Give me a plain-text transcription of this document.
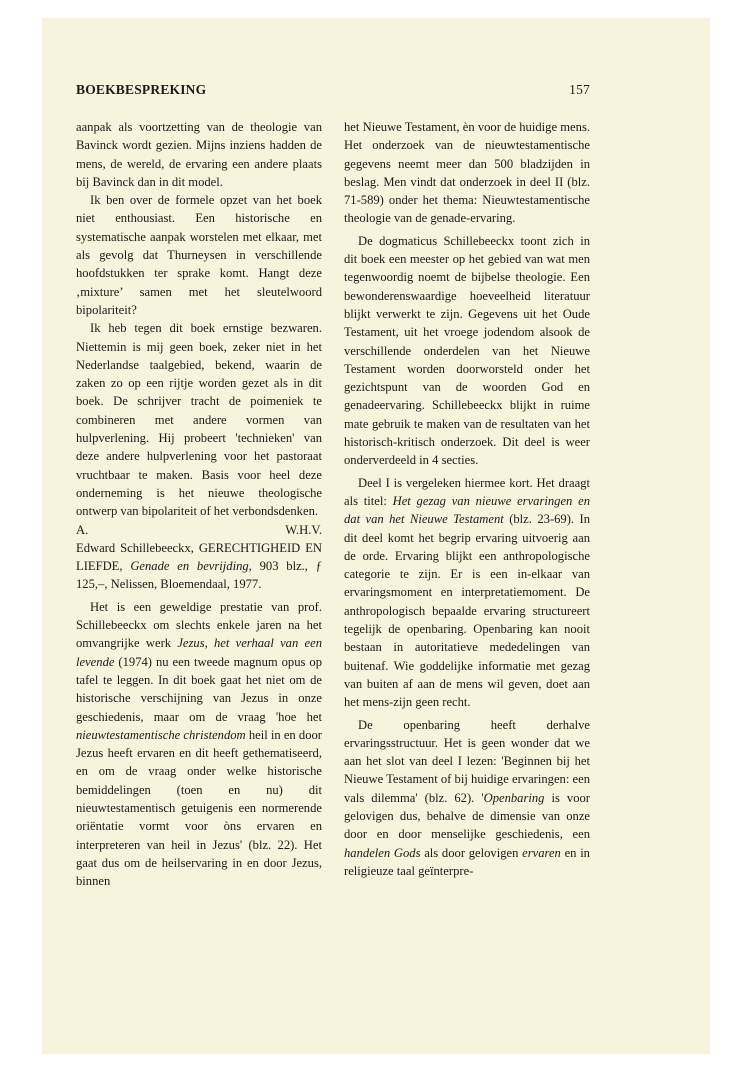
BOEKBESPREKING	157

aanpak als voortzetting van de theologie van Bavinck wordt gezien. Mijns inziens hadden de mens, de wereld, de ervaring een andere plaats bij Bavinck dan in dit model.

Ik ben over de formele opzet van het boek niet enthousiast. Een historische en systematische aanpak worstelen met elkaar, met als gevolg dat Thurneysen in verschillende hoofdstukken ter sprake komt. Hangt deze ‚mixture’ samen met het sleutelwoord bipolariteit?

Ik heb tegen dit boek ernstige bezwaren. Niettemin is mij geen boek, zeker niet in het Nederlandse taalgebied, bekend, waarin de zaken zo op een rijtje worden gezet als in dit boek. De schrijver tracht de poimeniek te combineren met andere vormen van hulpverlening. Hij probeert 'technieken' van deze andere hulpverlening voor het pastoraat vruchtbaar te maken. Basis voor heel deze onderneming is het nieuwe theologische ontwerp van bipolariteit of het verbondsdenken.

A.	W.H.V.

Edward Schillebeeckx, GERECHTIGHEID EN LIEFDE, Genade en bevrijding, 903 blz., ƒ 125,–, Nelissen, Bloemendaal, 1977.

Het is een geweldige prestatie van prof. Schillebeeckx om slechts enkele jaren na het omvangrijke werk Jezus, het verhaal van een levende (1974) nu een tweede magnum opus op tafel te leggen. In dit boek gaat het niet om de historische verschijning van Jezus in onze geschiedenis, maar om de vraag 'hoe het nieuwtestamentische christendom heil in en door Jezus heeft ervaren en dit heeft gethematiseerd, en om de vraag onder welke historische bemiddelingen (toen en nu) dit nieuwtestamentisch getuigenis een normerende oriëntatie vormt voor òns ervaren en interpreteren van heil in Jezus' (blz. 22). Het gaat dus om de heilservaring in en door Jezus, binnen

het Nieuwe Testament, èn voor de huidige mens. Het onderzoek van de nieuwtestamentische gegevens neemt meer dan 500 bladzijden in beslag. Men vindt dat onderzoek in deel II (blz. 71-589) onder het thema: Nieuwtestamentische theologie van de genade-ervaring.

De dogmaticus Schillebeeckx toont zich in dit boek een meester op het gebied van wat men tegenwoordig noemt de bijbelse theologie. Een bewonderenswaardige hoeveelheid literatuur blijkt verwerkt te zijn. Gegevens uit het Oude Testament, uit het vroege jodendom alsook de verschillende onderdelen van het Nieuwe Testament worden doorworsteld onder het gezichtspunt van de woorden God en genadeervaring. Schillebeeckx blijkt in ruime mate gebruik te maken van de resultaten van het historisch-kritisch onderzoek. Dit deel is weer onderverdeeld in 4 secties.

Deel I is vergeleken hiermee kort. Het draagt als titel: Het gezag van nieuwe ervaringen en dat van het Nieuwe Testament (blz. 23-69). In dit deel komt het begrip ervaring uitvoerig aan de orde. Ervaring blijkt een anthropologische categorie te zijn. Er is een in-elkaar van ervaringsmoment en interpretatiemoment. De anthropologisch bepaalde ervaring structureert tegelijk de openbaring. Openbaring kan nooit bestaan in autoritatieve mededelingen van buitenaf. Wie goddelijke informatie met gezag van buiten af aan de mens wil geven, doet aan het mens-zijn geen recht.

De openbaring heeft derhalve ervaringsstructuur. Het is geen wonder dat we aan het slot van deel I lezen: 'Beginnen bij het Nieuwe Testament of bij huidige ervaringen: een vals dilemma' (blz. 62). 'Openbaring is voor gelovigen dus, behalve de dimensie van onze door en door menselijke geschiedenis, een handelen Gods als door gelovigen ervaren en in religieuze taal geïnterpre-
